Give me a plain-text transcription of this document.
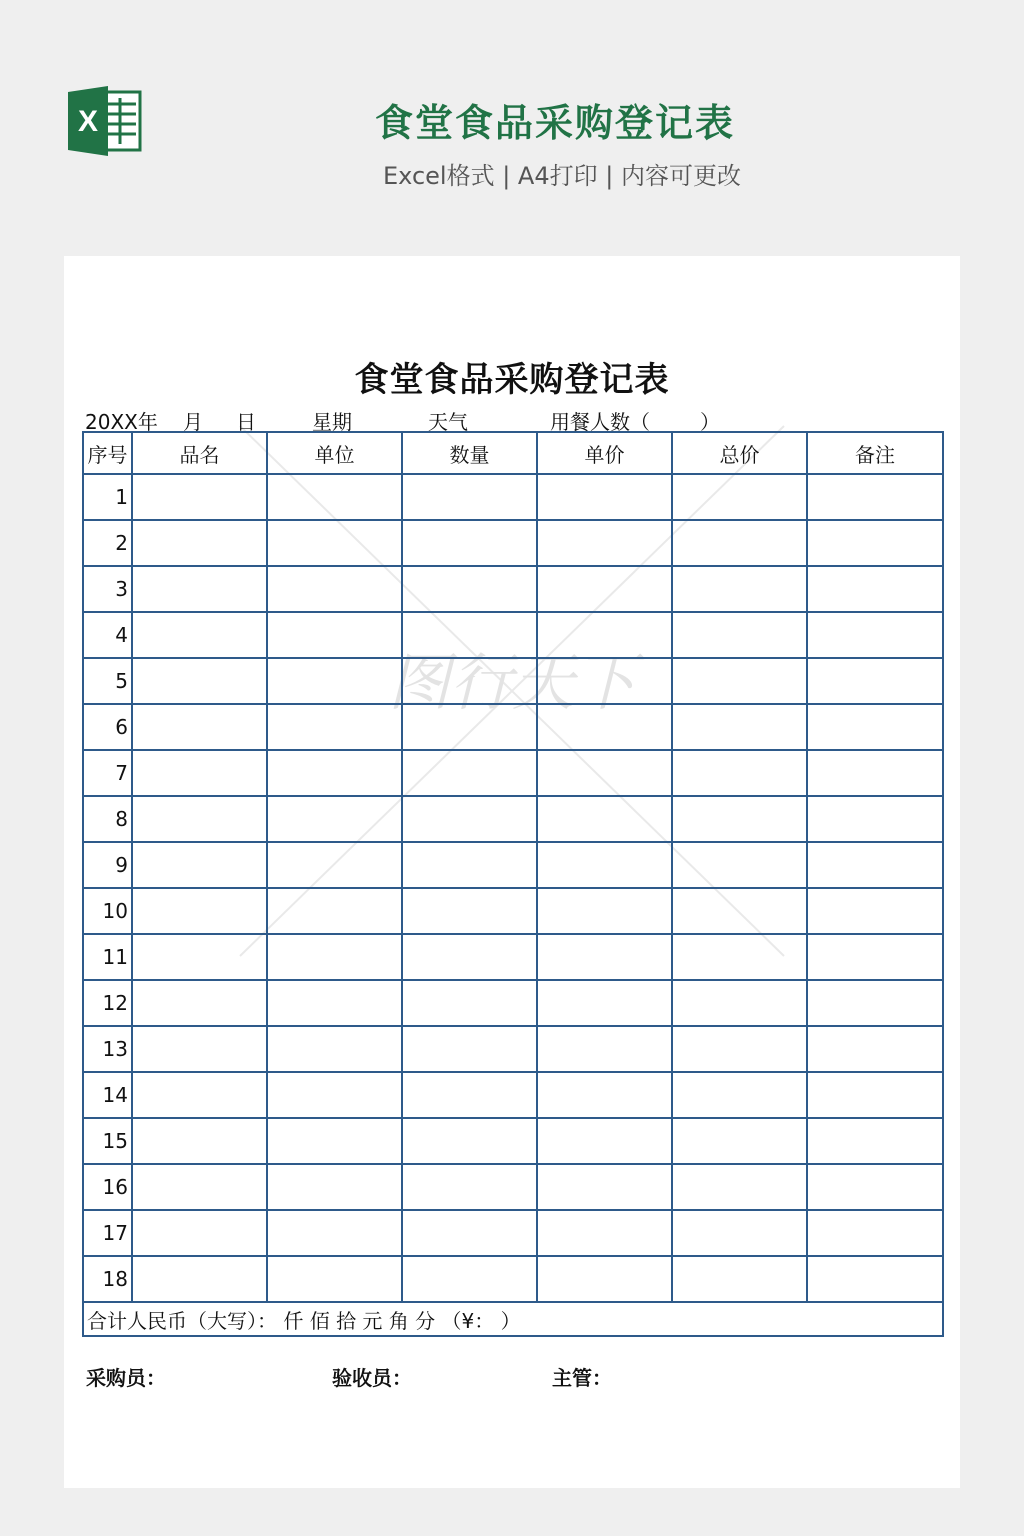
X	食堂食品采购登记表
Excel格式 | A4打印 | 内容可更改
图行天下
食堂食品采购登记表
20XX年 月 日	星期	天气	用餐人数（	）
序号	品名	单位	数量	单价	总价	备注
1						
2						
3						
4						
5						
6						
7						
8						
9						
10						
11						
12						
13						
14						
15						
16						
17						
18						
合计人民币（大写）： 仟 佰 拾 元 角 分 （¥： ）						
采购员：	验收员：	主管：
